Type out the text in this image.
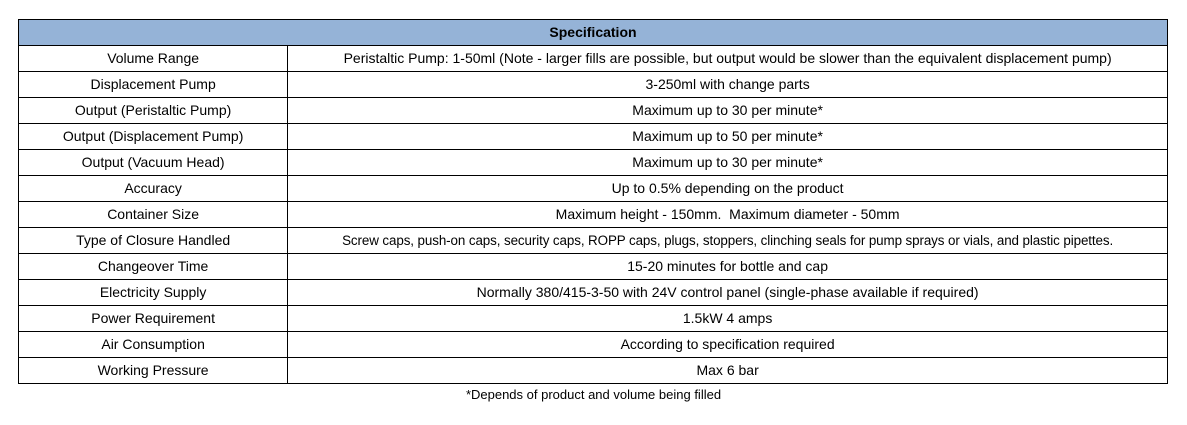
Specification	
Volume Range	Peristaltic Pump: 1-50ml (Note - larger fills are possible, but output would be slower than the equivalent displacement pump)
Displacement Pump	3-250ml with change parts
Output (Peristaltic Pump)	Maximum up to 30 per minute*
Output (Displacement Pump)	Maximum up to 50 per minute*
Output (Vacuum Head)	Maximum up to 30 per minute*
Accuracy	Up to 0.5% depending on the product
Container Size	Maximum height - 150mm.  Maximum diameter - 50mm
Type of Closure Handled	Screw caps, push-on caps, security caps, ROPP caps, plugs, stoppers, clinching seals for pump sprays or vials, and plastic pipettes.
Changeover Time	15-20 minutes for bottle and cap
Electricity Supply	Normally 380/415-3-50 with 24V control panel (single-phase available if required)
Power Requirement	1.5kW 4 amps
Air Consumption	According to specification required
Working Pressure	Max 6 bar
*Depends of product and volume being filled
